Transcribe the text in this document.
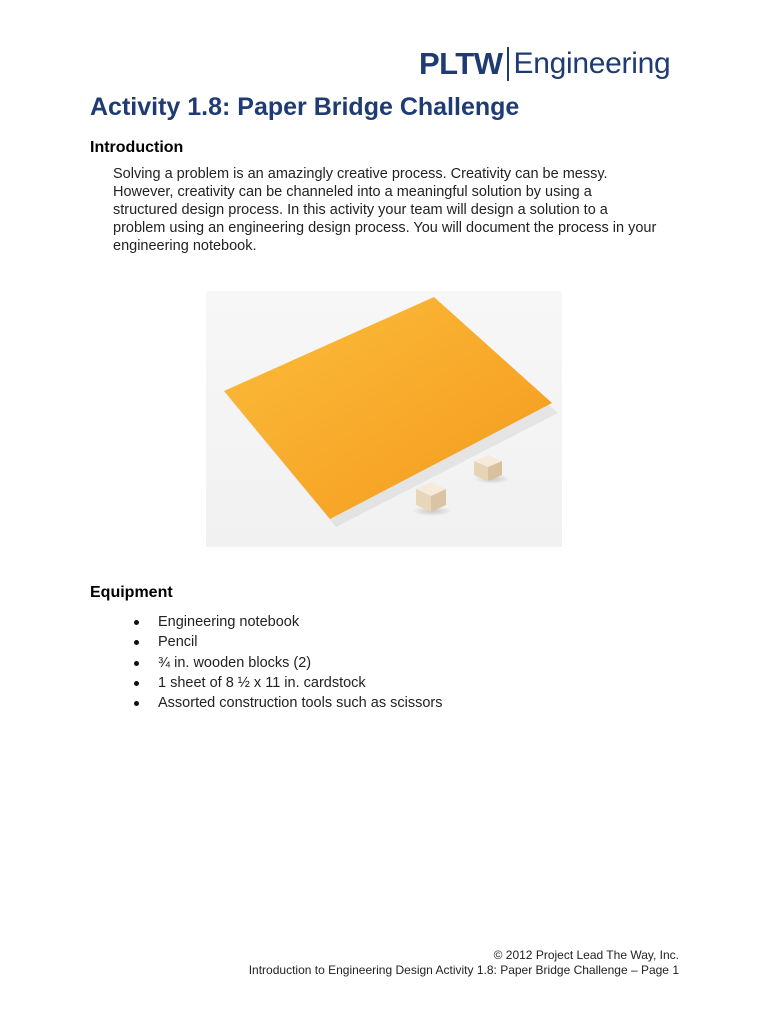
PLTW Engineering
Activity 1.8: Paper Bridge Challenge
Introduction

Solving a problem is an amazingly creative process. Creativity can be messy.
However, creativity can be channeled into a meaningful solution by using a
structured design process. In this activity your team will design a solution to a
problem using an engineering design process. You will document the process in your
engineering notebook.

Equipment
Engineering notebook
Pencil
¾ in. wooden blocks (2)
1 sheet of 8 ½ x 11 in. cardstock
Assorted construction tools such as scissors
© 2012 Project Lead The Way, Inc.
Introduction to Engineering Design Activity 1.8: Paper Bridge Challenge – Page 1
